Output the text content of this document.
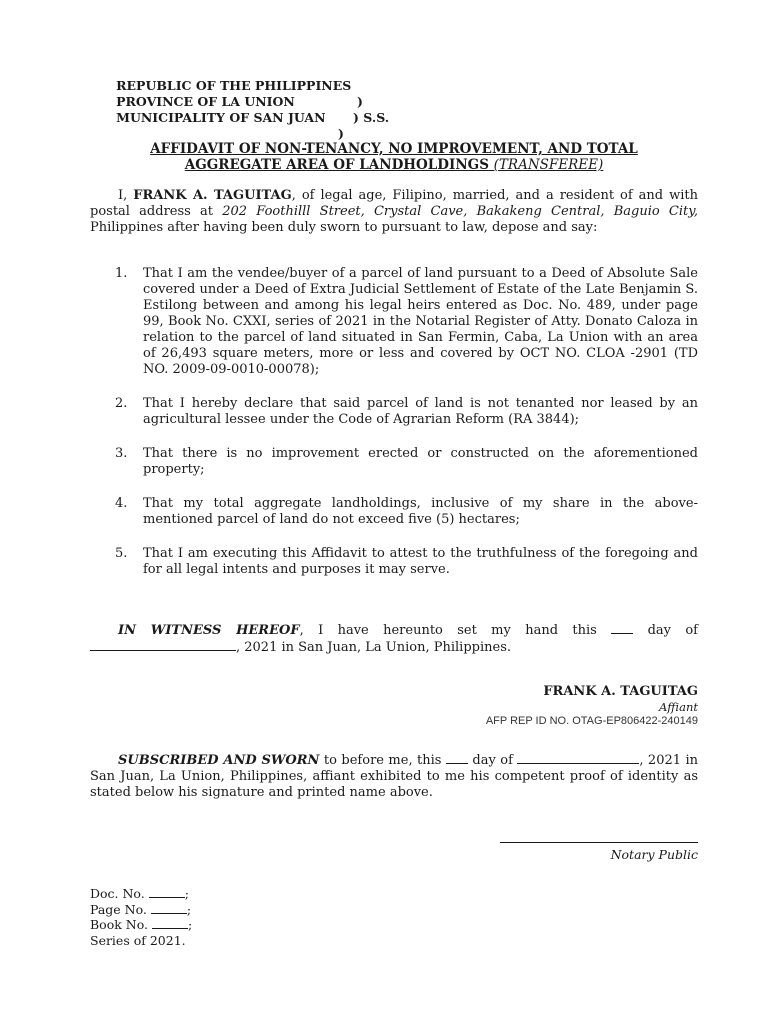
REPUBLIC OF THE PHILIPPINES

)

PROVINCE OF LA UNION

) S.S.

MUNICIPALITY OF SAN JUAN

)

AFFIDAVIT OF NON-TENANCY, NO IMPROVEMENT, AND TOTAL
AGGREGATE AREA OF LANDHOLDINGS (TRANSFEREE)
I, FRANK A. TAGUITAG, of legal age, Filipino, married, and a resident of and with postal address at 202 Foothilll Street, Crystal Cave, Bakakeng Central, Baguio City, Philippines after having been duly sworn to pursuant to law, depose and say:
1. That I am the vendee/buyer of a parcel of land pursuant to a Deed of Absolute Sale covered under a Deed of Extra Judicial Settlement of Estate of the Late Benjamin S. Estilong between and among his legal heirs entered as Doc. No. 489, under page 99, Book No. CXXI, series of 2021 in the Notarial Register of Atty. Donato Caloza in relation to the parcel of land situated in San Fermin, Caba, La Union with an area of 26,493 square meters, more or less and covered by OCT NO. CLOA -2901 (TD NO. 2009-09-0010-00078);
2. That I hereby declare that said parcel of land is not tenanted nor leased by an agricultural lessee under the Code of Agrarian Reform (RA 3844);
3. That there is no improvement erected or constructed on the aforementioned property;
4. That my total aggregate landholdings, inclusive of my share in the above-mentioned parcel of land do not exceed five (5) hectares;
5. That I am executing this Affidavit to attest to the truthfulness of the foregoing and for all legal intents and purposes it may serve.
IN WITNESS HEREOF, I have hereunto set my hand this  day of , 2021 in San Juan, La Union, Philippines.
FRANK A. TAGUITAG
Affiant
AFP REP ID NO. OTAG-EP806422-240149
SUBSCRIBED AND SWORN to before me, this  day of	, 2021 in San Juan, La Union, Philippines, affiant exhibited to me his competent proof of identity as stated below his signature and printed name above.
Notary Public
Doc. No.	;
Page No.	;
Book No.	;
Series of 2021.
